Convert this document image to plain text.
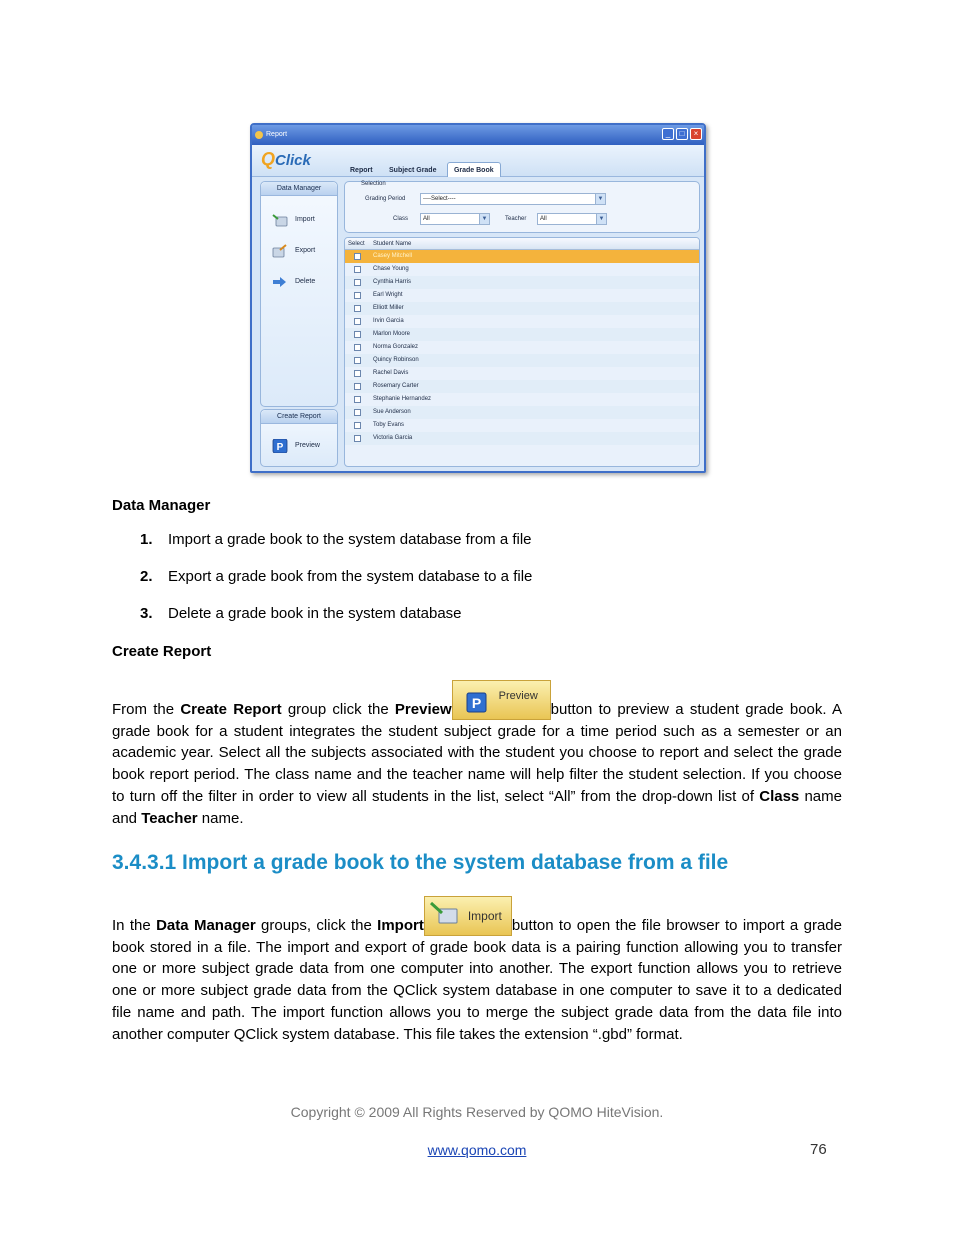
Report	_	□	×
QClick
Report Subject Grade Grade Book
Data Manager
Import
Export
Delete
Create Report
P Preview
Selection
Grading Period	----Select----	▼
Class	All	▼	Teacher	All	▼
Select Student Name
Casey Mitchell
Chase Young
Cynthia Harris
Earl Wright
Elliott Miller
Irvin Garcia
Marlon Moore
Norma Gonzalez
Quincy Robinson
Rachel Davis
Rosemary Carter
Stephanie Hernandez
Sue Anderson
Toby Evans
Victoria Garcia
Data Manager
1. Import a grade book to the system database from a file
2. Export a grade book from the system database to a file
3. Delete a grade book in the system database
Create Report
From the Create Report group click the Preview P Preview
button to preview a student grade book. A grade book for a student integrates the student subject grade for a time period such as a semester or an academic year. Select all the subjects associated with the student you choose to report and select the grade book report period. The class name and the teacher name will help filter the student selection. If you choose to turn off the filter in order to view all students in the list, select “All” from the drop-down list of Class name and Teacher name.
3.4.3.1 Import a grade book to the system database from a file
In the Data Manager groups, click the Import
Import
button to open the file browser to import a grade book stored in a file. The import and export of grade book data is a pairing function allowing you to transfer one or more subject grade data from one computer into another. The export function allows you to retrieve one or more subject grade data from the QClick system database in one computer to save it to a dedicated file name and path. The import function allows you to merge the subject grade data from the data file into another computer QClick system database. This file takes the extension “.gbd” format.
Copyright © 2009 All Rights Reserved by QOMO HiteVision.
www.qomo.com	76
